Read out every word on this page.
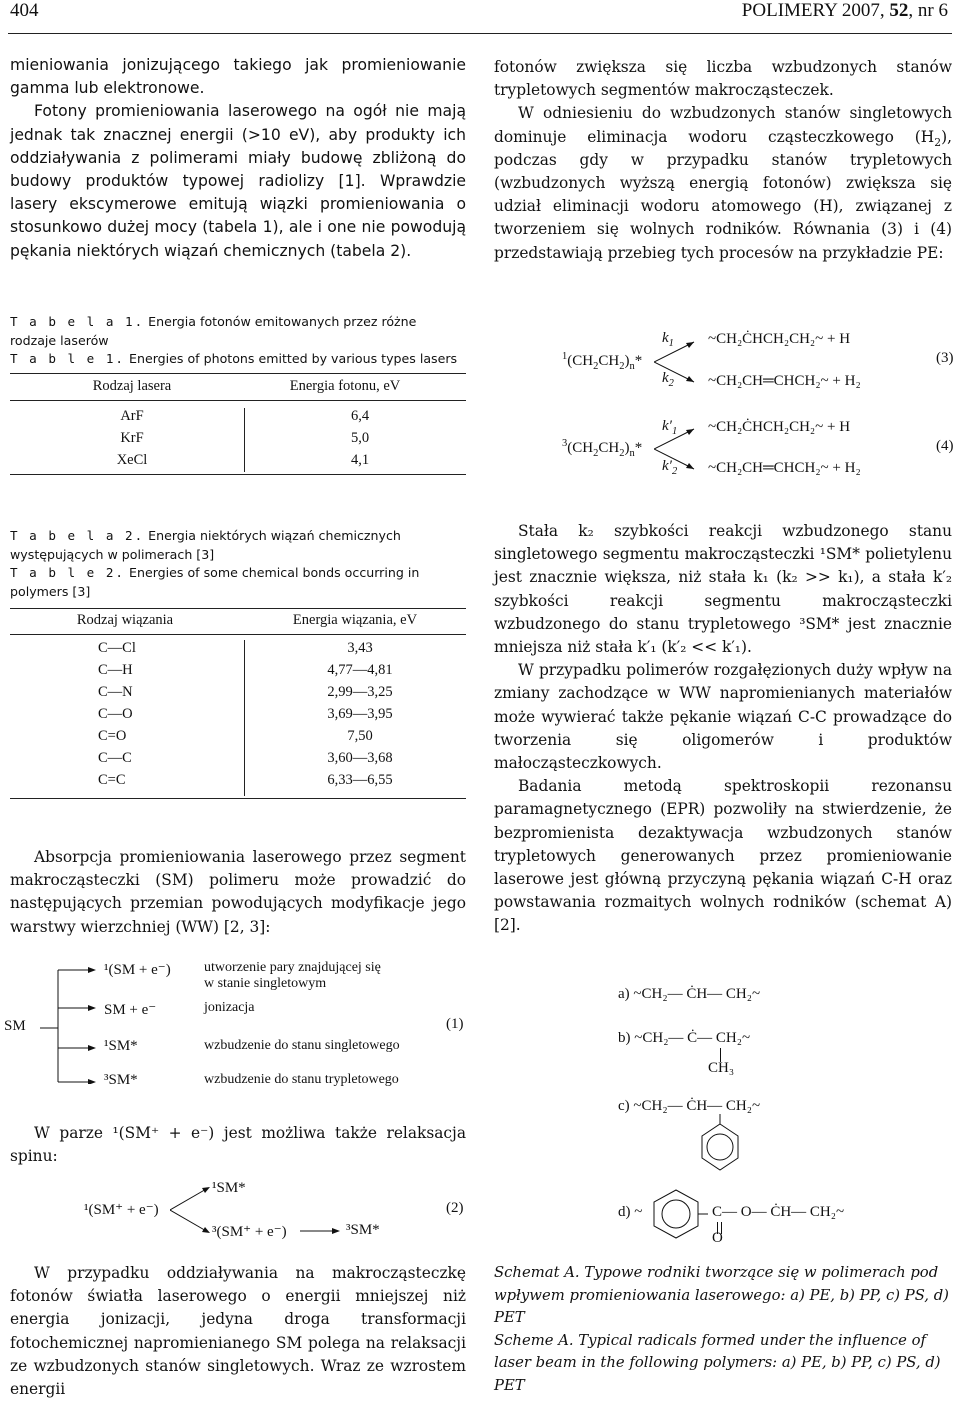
404	POLIMERY 2007, 52, nr 6

mieniowania jonizującego takiego jak promieniowanie gamma lub elektronowe.

Fotony promieniowania laserowego na ogół nie mają jednak tak znacznej energii (>10 eV), aby produkty ich oddziaływania z polimerami miały budowę zbliżoną do budowy produktów typowej radiolizy [1]. Wprawdzie lasery ekscymerowe emitują wiązki promieniowania o stosunkowo dużej mocy (tabela 1), ale i one nie powodują pękania niektórych wiązań chemicznych (tabela 2).

fotonów zwiększa się liczba wzbudzonych stanów trypletowych segmentów makrocząsteczek.

W odniesieniu do wzbudzonych stanów singletowych dominuje eliminacja wodoru cząsteczkowego $(H_2)$, podczas gdy w przypadku stanów trypletowych (wzbudzonych wyższą energią fotonów) zwiększa się udział eliminacji wodoru atomowego (H), związanej z tworzeniem się wolnych rodników. Równania (3) i (4) przedstawiają przebieg tych procesów na przykładzie PE:

T a b e l a 1. Energia fotonów emitowanych przez różne rodzaje laserów
T a b l e 1. Energies of photons emitted by various types lasers
Rodzaj lasera	Energia fotonu, eV
ArF	6,4
KrF	5,0
XeCl	4,1
$^1(CH_2CH_2)_n*$
$k_1$
$k_2$
~CH₂ĊHCH₂CH₂~ + H
~CH₂CH═CHCH₂~ + H₂
(3)
$^3(CH_2CH_2)_n*$
$k'_1$
$k'_2$
~CH₂ĊHCH₂CH₂~ + H
~CH₂CH═CHCH₂~ + H₂
(4)
T a b e l a 2. Energia niektórych wiązań chemicznych występujących w polimerach [3]
T a b l e 2. Energies of some chemical bonds occurring in polymers [3]
Rodzaj wiązania	Energia wiązania, eV
C—Cl	3,43
C—H	4,77—4,81
C—N	2,99—3,25
C—O	3,69—3,95
C=O	7,50
C—C	3,60—3,68
C=C	6,33—6,55

Stała k₂ szybkości reakcji wzbudzonego stanu singletowego segmentu makrocząsteczki ¹SM* polietylenu jest znacznie większa, niż stała k₁ (k₂ >> k₁), a stała k′₂ szybkości reakcji segmentu makrocząsteczki wzbudzonego do stanu trypletowego ³SM* jest znacznie mniejsza niż stała k′₁ (k′₂ << k′₁).

W przypadku polimerów rozgałęzionych duży wpływ na zmiany zachodzące w WW napromienianych materiałów może wywierać także pękanie wiązań C-C prowadzące do tworzenia się oligomerów i produktów małocząsteczkowych.

Badania metodą spektroskopii rezonansu paramagnetycznego (EPR) pozwoliły na stwierdzenie, że bezpromienista dezaktywacja wzbudzonych stanów trypletowych generowanych przez promieniowanie laserowe jest główną przyczyną pękania wiązań C-H oraz powstawania rozmaitych wolnych rodników (schemat A) [2].

Absorpcja promieniowania laserowego przez segment makrocząsteczki (SM) polimeru może prowadzić do następujących przemian powodujących modyfikacje jego warstwy wierzchniej (WW) [2, 3]:

SM
¹(SM + e⁻) utworzenie pary znajdującej się
w stanie singletowym
SM + e⁻	jonizacja
¹SM*	wzbudzenie do stanu singletowego
³SM*	wzbudzenie do stanu trypletowego
(1)

W parze ¹(SM⁺ + e⁻) jest możliwa także relaksacja spinu:

¹(SM⁺ + e⁻)
¹SM*
³(SM⁺ + e⁻)	³SM*
(2)

W przypadku oddziaływania na makrocząsteczkę fotonów światła laserowego o energii mniejszej niż energia jonizacji, jedyna droga transformacji fotochemicznej napromienianego SM polega na relaksacji ze wzbudzonych stanów singletowych. Wraz ze wzrostem energii

a) ~CH₂— ĊH— CH₂~
b) ~CH₂— Ċ— CH₂~
CH₃
c) ~CH₂— ĊH— CH₂~
d) ~	C— O— ĊH— CH₂~
O

Schemat A. Typowe rodniki tworzące się w polimerach pod wpływem promieniowania laserowego: a) PE, b) PP, c) PS, d) PET

Scheme A. Typical radicals formed under the influence of laser beam in the following polymers: a) PE, b) PP, c) PS, d) PET
